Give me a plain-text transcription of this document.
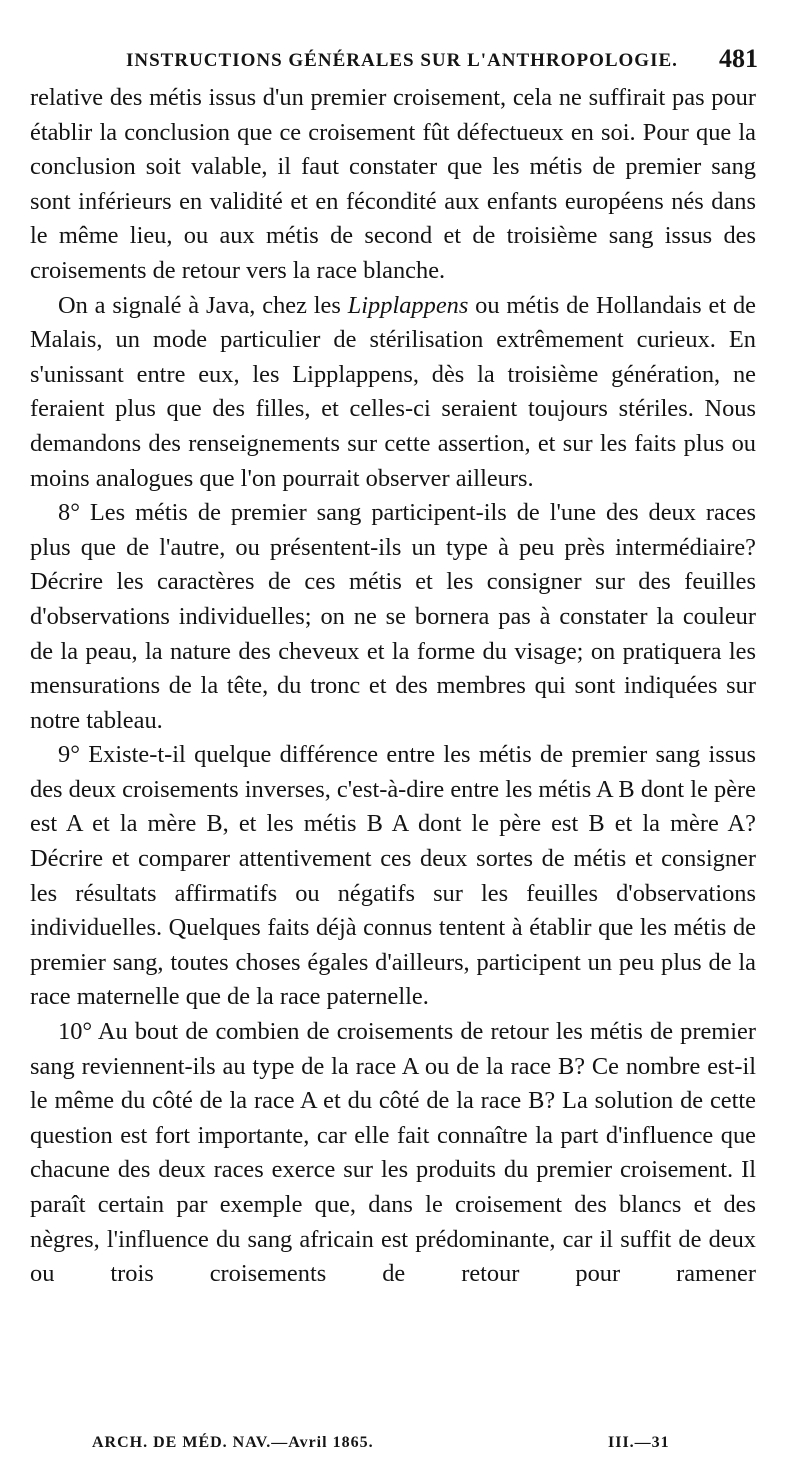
INSTRUCTIONS GÉNÉRALES SUR L'ANTHROPOLOGIE. 481

relative des métis issus d'un premier croisement, cela ne suffirait pas pour établir la conclusion que ce croisement fût défectueux en soi. Pour que la conclusion soit valable, il faut constater que les métis de premier sang sont inférieurs en validité et en fécondité aux enfants européens nés dans le même lieu, ou aux métis de second et de troisième sang issus des croisements de retour vers la race blanche.

On a signalé à Java, chez les Lipplappens ou métis de Hollandais et de Malais, un mode particulier de stérilisation extrêmement curieux. En s'unissant entre eux, les Lipplappens, dès la troisième génération, ne feraient plus que des filles, et celles-ci seraient toujours stériles. Nous demandons des renseignements sur cette assertion, et sur les faits plus ou moins analogues que l'on pourrait observer ailleurs.

8° Les métis de premier sang participent-ils de l'une des deux races plus que de l'autre, ou présentent-ils un type à peu près intermédiaire? Décrire les caractères de ces métis et les consigner sur des feuilles d'observations individuelles; on ne se bornera pas à constater la couleur de la peau, la nature des cheveux et la forme du visage; on pratiquera les mensurations de la tête, du tronc et des membres qui sont indiquées sur notre tableau.

9° Existe-t-il quelque différence entre les métis de premier sang issus des deux croisements inverses, c'est-à-dire entre les métis A B dont le père est A et la mère B, et les métis B A dont le père est B et la mère A? Décrire et comparer attentivement ces deux sortes de métis et consigner les résultats affirmatifs ou négatifs sur les feuilles d'observations individuelles. Quelques faits déjà connus tentent à établir que les métis de premier sang, toutes choses égales d'ailleurs, participent un peu plus de la race maternelle que de la race paternelle.

10° Au bout de combien de croisements de retour les métis de premier sang reviennent-ils au type de la race A ou de la race B? Ce nombre est-il le même du côté de la race A et du côté de la race B? La solution de cette question est fort importante, car elle fait connaître la part d'influence que chacune des deux races exerce sur les produits du premier croisement. Il paraît certain par exemple que, dans le croisement des blancs et des nègres, l'influence du sang africain est prédominante, car il suffit de deux ou trois croisements de retour pour ramener

ARCH. DE MÉD. NAV.—Avril 1865.	III.—31
